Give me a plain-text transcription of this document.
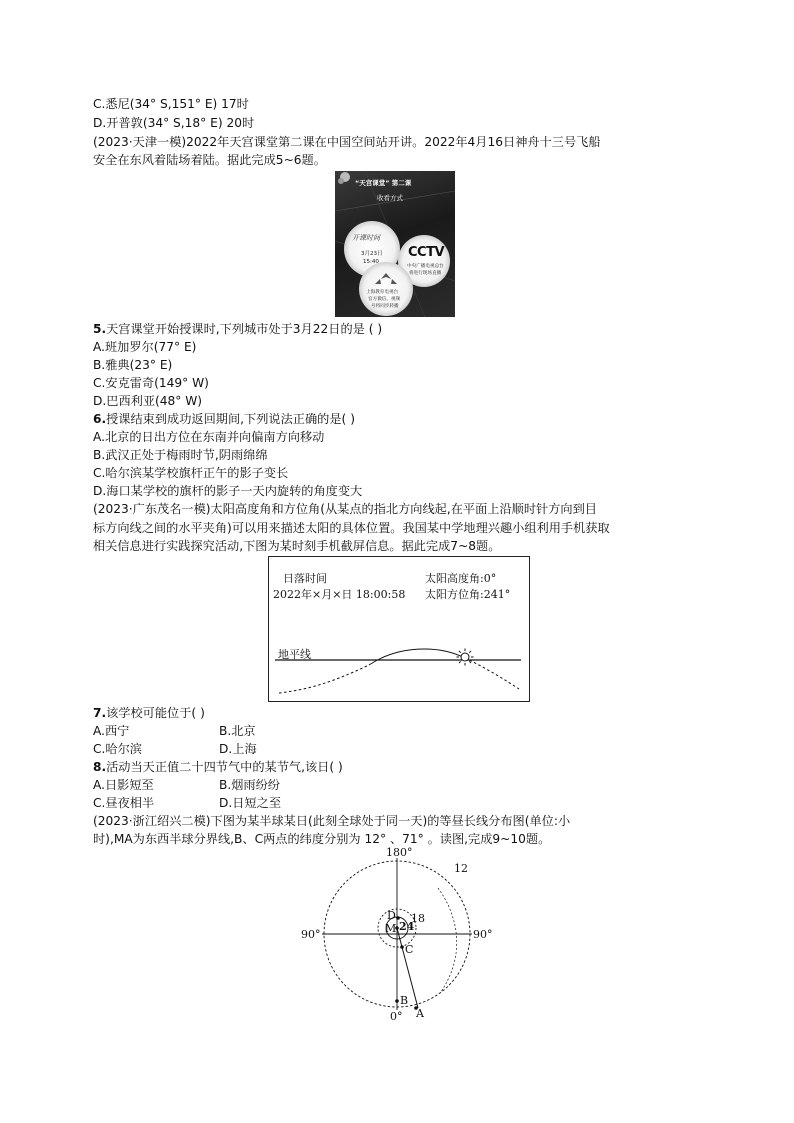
C.悉尼(34° S,151° E) 17时
D.开普敦(34° S,18° E) 20时
(2023·天津一模)2022年天宫课堂第二课在中国空间站开讲。2022年4月16日神舟十三号飞船
安全在东风着陆场着陆。据此完成5~6题。
“天宫课堂” 第二课
收看方式
开课时间
3月23日
15:40
CCTV
中央广播电视总台
将进行现场直播
上海教育电视台
官方微信、视频
号将同步转播
5.天宫课堂开始授课时,下列城市处于3月22日的是 ( )
A.班加罗尔(77° E)
B.雅典(23° E)
C.安克雷奇(149° W)
D.巴西利亚(48° W)
6.授课结束到成功返回期间,下列说法正确的是( )
A.北京的日出方位在东南并向偏南方向移动
B.武汉正处于梅雨时节,阴雨绵绵
C.哈尔滨某学校旗杆正午的影子变长
D.海口某学校的旗杆的影子一天内旋转的角度变大
(2023·广东茂名一模)太阳高度角和方位角(从某点的指北方向线起,在平面上沿顺时针方向到目
标方向线之间的水平夹角)可以用来描述太阳的具体位置。我国某中学地理兴趣小组利用手机获取
相关信息进行实践探究活动,下图为某时刻手机截屏信息。据此完成7~8题。
日落时间
2022年×月×日 18:00:58
太阳高度角:0°
太阳方位角:241°
地平线
7.该学校可能位于( )
A.西宁	B.北京
C.哈尔滨	D.上海
8.活动当天正值二十四节气中的某节气,该日( )
A.日影短至	B.烟雨纷纷
C.昼夜相半	D.日短之至
(2023·浙江绍兴二模)下图为某半球某日(此刻全球处于同一天)的等昼长线分布图(单位:小
时),MA为东西半球分界线,B、C两点的纬度分别为 12° 、71° 。读图,完成9~10题。
180°
0°
90°	90°
12
18
24
D
M
C
B
A
